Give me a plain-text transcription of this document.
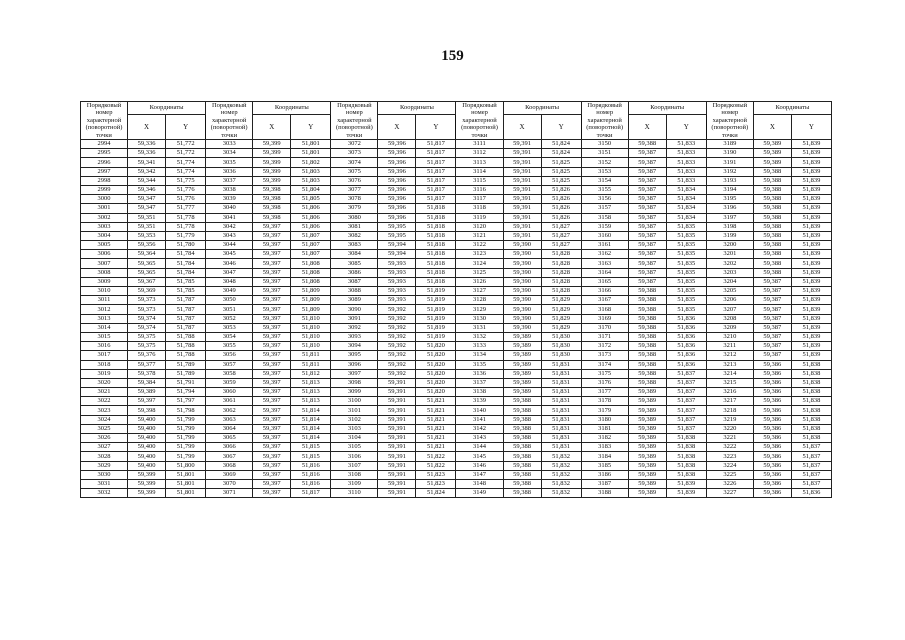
159
Порядковый номер характерной (поворотной) точки	Координаты		Порядковый номер характерной (поворотной) точки	Координаты		Порядковый номер характерной (поворотной) точки	Координаты		Порядковый номер характерной (поворотной) точки	Координаты		Порядковый номер характерной (поворотной) точки	Координаты		Порядковый номер характерной (поворотной) точки	Координаты	
	X	Y		X	Y		X	Y		X	Y		X	Y		X	Y
2994	59,336	51,772	3033	59,399	51,801	3072	59,396	51,817	3111	59,391	51,824	3150	59,388	51,833	3189	59,389	51,839
2995	59,336	51,772	3034	59,399	51,801	3073	59,396	51,817	3112	59,391	51,824	3151	59,387	51,833	3190	59,389	51,839
2996	59,341	51,774	3035	59,399	51,802	3074	59,396	51,817	3113	59,391	51,825	3152	59,387	51,833	3191	59,389	51,839
2997	59,342	51,774	3036	59,399	51,803	3075	59,396	51,817	3114	59,391	51,825	3153	59,387	51,833	3192	59,388	51,839
2998	59,344	51,775	3037	59,399	51,803	3076	59,396	51,817	3115	59,391	51,825	3154	59,387	51,833	3193	59,388	51,839
2999	59,346	51,776	3038	59,398	51,804	3077	59,396	51,817	3116	59,391	51,826	3155	59,387	51,834	3194	59,388	51,839
3000	59,347	51,776	3039	59,398	51,805	3078	59,396	51,817	3117	59,391	51,826	3156	59,387	51,834	3195	59,388	51,839
3001	59,347	51,777	3040	59,398	51,806	3079	59,396	51,818	3118	59,391	51,826	3157	59,387	51,834	3196	59,388	51,839
3002	59,351	51,778	3041	59,398	51,806	3080	59,396	51,818	3119	59,391	51,826	3158	59,387	51,834	3197	59,388	51,839
3003	59,351	51,778	3042	59,397	51,806	3081	59,395	51,818	3120	59,391	51,827	3159	59,387	51,835	3198	59,388	51,839
3004	59,353	51,779	3043	59,397	51,807	3082	59,395	51,818	3121	59,391	51,827	3160	59,387	51,835	3199	59,388	51,839
3005	59,356	51,780	3044	59,397	51,807	3083	59,394	51,818	3122	59,390	51,827	3161	59,387	51,835	3200	59,388	51,839
3006	59,364	51,784	3045	59,397	51,807	3084	59,394	51,818	3123	59,390	51,828	3162	59,387	51,835	3201	59,388	51,839
3007	59,365	51,784	3046	59,397	51,808	3085	59,393	51,818	3124	59,390	51,828	3163	59,387	51,835	3202	59,388	51,839
3008	59,365	51,784	3047	59,397	51,808	3086	59,393	51,818	3125	59,390	51,828	3164	59,387	51,835	3203	59,388	51,839
3009	59,367	51,785	3048	59,397	51,808	3087	59,393	51,818	3126	59,390	51,828	3165	59,387	51,835	3204	59,387	51,839
3010	59,369	51,785	3049	59,397	51,809	3088	59,393	51,819	3127	59,390	51,828	3166	59,388	51,835	3205	59,387	51,839
3011	59,373	51,787	3050	59,397	51,809	3089	59,393	51,819	3128	59,390	51,829	3167	59,388	51,835	3206	59,387	51,839
3012	59,373	51,787	3051	59,397	51,809	3090	59,392	51,819	3129	59,390	51,829	3168	59,388	51,835	3207	59,387	51,839
3013	59,374	51,787	3052	59,397	51,810	3091	59,392	51,819	3130	59,390	51,829	3169	59,388	51,836	3208	59,387	51,839
3014	59,374	51,787	3053	59,397	51,810	3092	59,392	51,819	3131	59,390	51,829	3170	59,388	51,836	3209	59,387	51,839
3015	59,375	51,788	3054	59,397	51,810	3093	59,392	51,819	3132	59,389	51,830	3171	59,388	51,836	3210	59,387	51,839
3016	59,375	51,788	3055	59,397	51,810	3094	59,392	51,820	3133	59,389	51,830	3172	59,388	51,836	3211	59,387	51,839
3017	59,376	51,788	3056	59,397	51,811	3095	59,392	51,820	3134	59,389	51,830	3173	59,388	51,836	3212	59,387	51,839
3018	59,377	51,789	3057	59,397	51,811	3096	59,392	51,820	3135	59,389	51,831	3174	59,388	51,836	3213	59,386	51,838
3019	59,378	51,789	3058	59,397	51,812	3097	59,392	51,820	3136	59,389	51,831	3175	59,388	51,837	3214	59,386	51,838
3020	59,384	51,791	3059	59,397	51,813	3098	59,391	51,820	3137	59,389	51,831	3176	59,388	51,837	3215	59,386	51,838
3021	59,389	51,794	3060	59,397	51,813	3099	59,391	51,820	3138	59,389	51,831	3177	59,389	51,837	3216	59,386	51,838
3022	59,397	51,797	3061	59,397	51,813	3100	59,391	51,821	3139	59,388	51,831	3178	59,389	51,837	3217	59,386	51,838
3023	59,398	51,798	3062	59,397	51,814	3101	59,391	51,821	3140	59,388	51,831	3179	59,389	51,837	3218	59,386	51,838
3024	59,400	51,799	3063	59,397	51,814	3102	59,391	51,821	3141	59,388	51,831	3180	59,389	51,837	3219	59,386	51,838
3025	59,400	51,799	3064	59,397	51,814	3103	59,391	51,821	3142	59,388	51,831	3181	59,389	51,837	3220	59,386	51,838
3026	59,400	51,799	3065	59,397	51,814	3104	59,391	51,821	3143	59,388	51,831	3182	59,389	51,838	3221	59,386	51,838
3027	59,400	51,799	3066	59,397	51,815	3105	59,391	51,821	3144	59,388	51,831	3183	59,389	51,838	3222	59,386	51,837
3028	59,400	51,799	3067	59,397	51,815	3106	59,391	51,822	3145	59,388	51,832	3184	59,389	51,838	3223	59,386	51,837
3029	59,400	51,800	3068	59,397	51,816	3107	59,391	51,822	3146	59,388	51,832	3185	59,389	51,838	3224	59,386	51,837
3030	59,399	51,801	3069	59,397	51,816	3108	59,391	51,823	3147	59,388	51,832	3186	59,389	51,838	3225	59,386	51,837
3031	59,399	51,801	3070	59,397	51,816	3109	59,391	51,823	3148	59,388	51,832	3187	59,389	51,839	3226	59,386	51,837
3032	59,399	51,801	3071	59,397	51,817	3110	59,391	51,824	3149	59,388	51,832	3188	59,389	51,839	3227	59,386	51,836
